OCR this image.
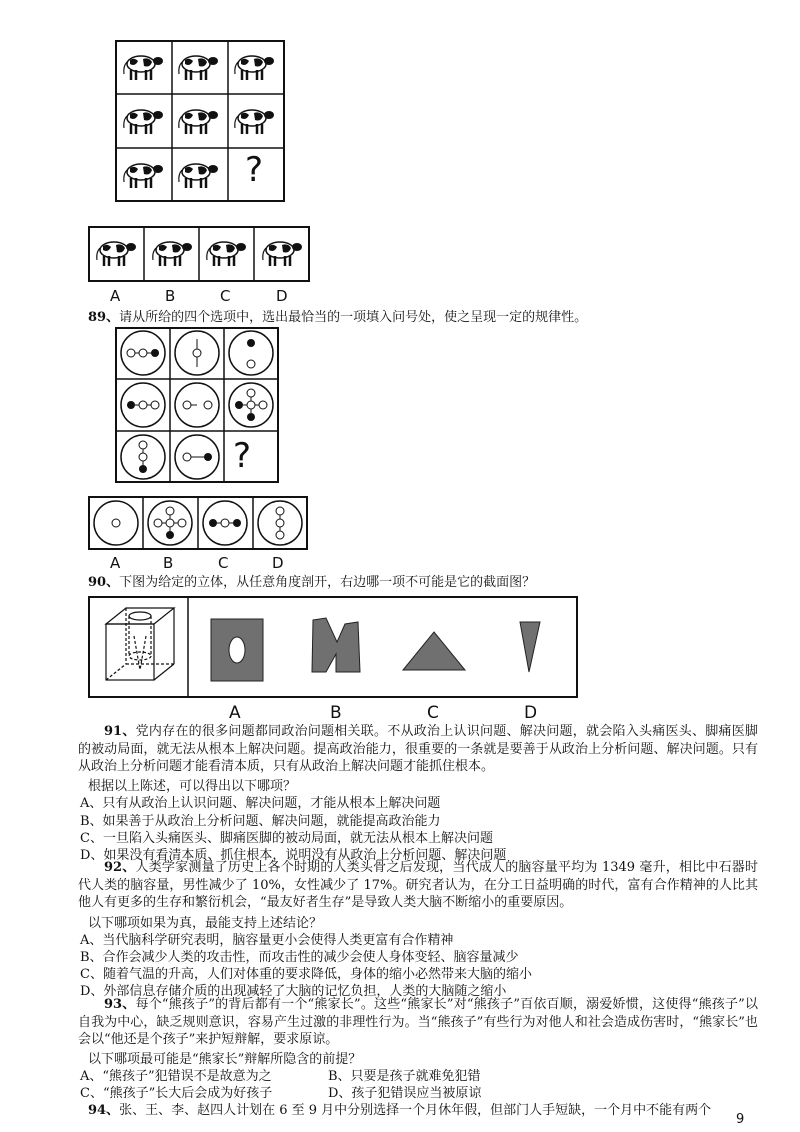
?
A	B	C	D
89、请从所给的四个选项中，选出最恰当的一项填入问号处，使之呈现一定的规律性。
?
A	B	C	D
90、下图为给定的立体，从任意角度剖开，右边哪一项不可能是它的截面图？
A	B	C	D
91、党内存在的很多问题都同政治问题相关联。不从政治上认识问题、解决问题，就会陷入头痛医头、脚痛医脚的被动局面，就无法从根本上解决问题。提高政治能力，很重要的一条就是要善于从政治上分析问题、解决问题。只有从政治上分析问题才能看清本质，只有从政治上解决问题才能抓住根本。
根据以上陈述，可以得出以下哪项？
A、只有从政治上认识问题、解决问题，才能从根本上解决问题
B、如果善于从政治上分析问题、解决问题，就能提高政治能力
C、一旦陷入头痛医头、脚痛医脚的被动局面，就无法从根本上解决问题
D、如果没有看清本质、抓住根本，说明没有从政治上分析问题、解决问题
92、人类学家测量了历史上各个时期的人类头骨之后发现，当代成人的脑容量平均为 1349 毫升，相比中石器时代人类的脑容量，男性减少了 10%，女性减少了 17%。研究者认为，在分工日益明确的时代，富有合作精神的人比其他人有更多的生存和繁衍机会，“最友好者生存”是导致人类大脑不断缩小的重要原因。
以下哪项如果为真，最能支持上述结论？
A、当代脑科学研究表明，脑容量更小会使得人类更富有合作精神
B、合作会减少人类的攻击性，而攻击性的减少会使人身体变轻、脑容量减少
C、随着气温的升高，人们对体重的要求降低，身体的缩小必然带来大脑的缩小
D、外部信息存储介质的出现减轻了大脑的记忆负担，人类的大脑随之缩小
93、每个“熊孩子”的背后都有一个“熊家长”。这些“熊家长”对“熊孩子”百依百顺，溺爱娇惯，这使得“熊孩子”以自我为中心，缺乏规则意识，容易产生过激的非理性行为。当“熊孩子”有些行为对他人和社会造成伤害时，“熊家长”也会以“他还是个孩子”来护短辩解，要求原谅。
以下哪项最可能是“熊家长”辩解所隐含的前提？
A、“熊孩子”犯错误不是故意为之	B、只要是孩子就难免犯错
C、“熊孩子”长大后会成为好孩子	D、孩子犯错误应当被原谅
94、张、王、李、赵四人计划在 6 至 9 月中分别选择一个月休年假，但部门人手短缺，一个月中不能有两个
9
